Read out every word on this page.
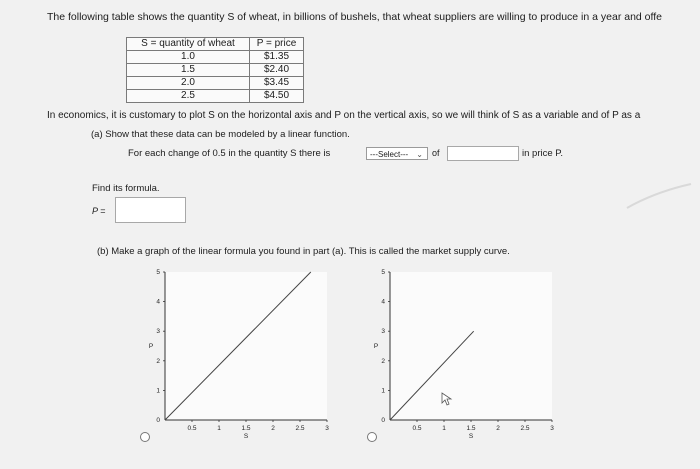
The following table shows the quantity S of wheat, in billions of bushels, that wheat suppliers are willing to produce in a year and offe
S = quantity of wheat	P = price
1.0	$1.35
1.5	$2.40
2.0	$3.45
2.5	$4.50
In economics, it is customary to plot S on the horizontal axis and P on the vertical axis, so we will think of S as a variable and of P as a
(a) Show that these data can be modeled by a linear function.
For each change of 0.5 in the quantity S there is	---Select--- ⌄ of	in price P.
Find its formula.
P =
(b) Make a graph of the linear formula you found in part (a). This is called the market supply curve.
0.5	1	1.5	2	2.5	3
1
2
3
4
5
0
S
P
0.5	1	1.5	2	2.5	3
1
2
3
4
5
0
S
P
